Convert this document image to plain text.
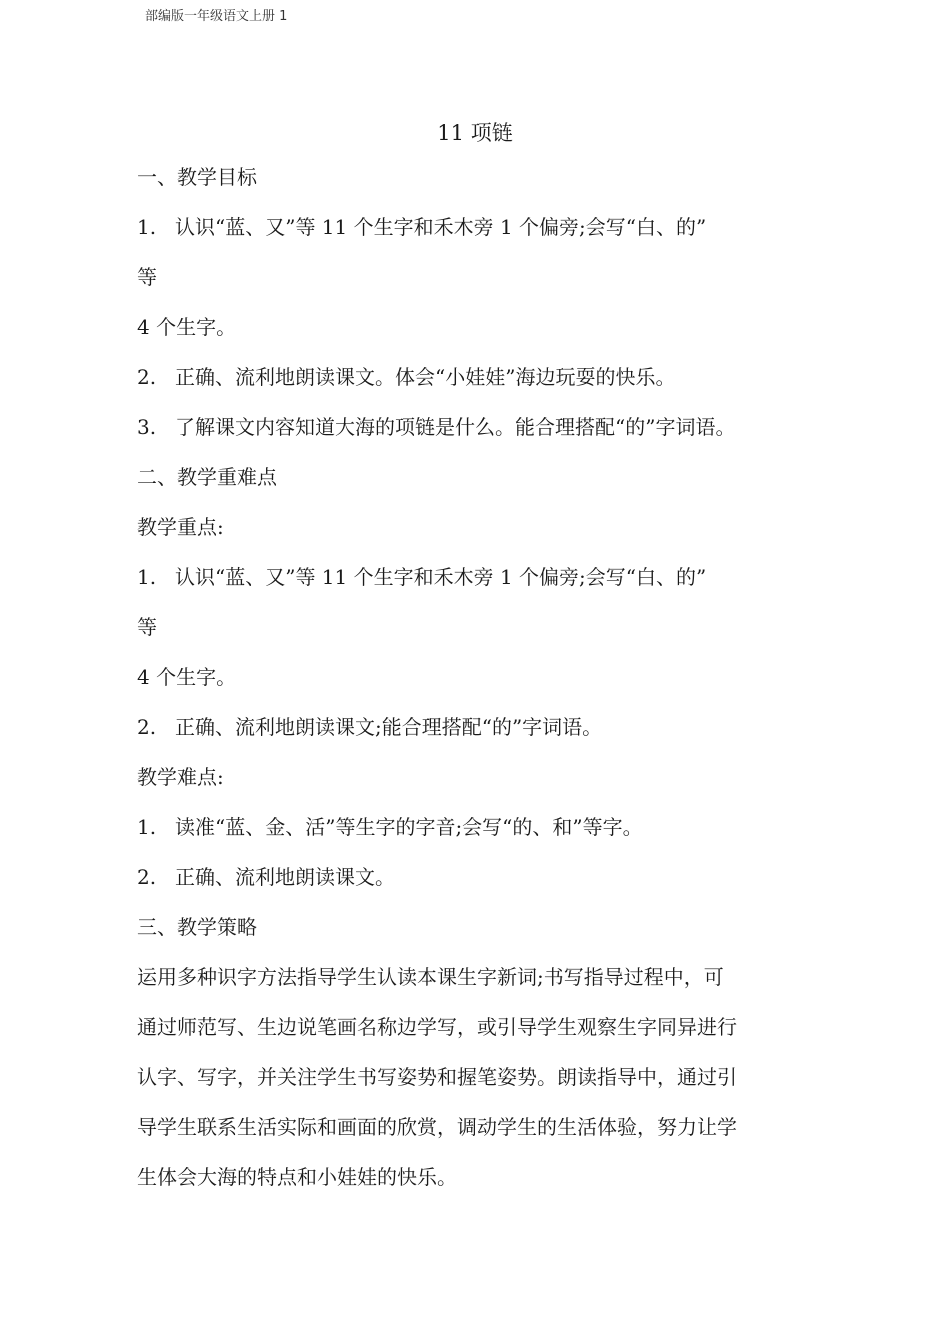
部编版一年级语文上册 1
11 项链
一、教学目标
1. 认识“蓝、又”等 11 个生字和禾木旁 1 个偏旁;会写“白、的”
等
4 个生字。
2. 正确、流利地朗读课文。体会“小娃娃”海边玩耍的快乐。
3. 了解课文内容知道大海的项链是什么。能合理搭配“的”字词语。
二、教学重难点
教学重点:
1. 认识“蓝、又”等 11 个生字和禾木旁 1 个偏旁;会写“白、的”
等
4 个生字。
2. 正确、流利地朗读课文;能合理搭配“的”字词语。
教学难点:
1. 读准“蓝、金、活”等生字的字音;会写“的、和”等字。
2. 正确、流利地朗读课文。
三、教学策略
运用多种识字方法指导学生认读本课生字新词;书写指导过程中，可
通过师范写、生边说笔画名称边学写，或引导学生观察生字同异进行
认字、写字，并关注学生书写姿势和握笔姿势。朗读指导中，通过引
导学生联系生活实际和画面的欣赏，调动学生的生活体验，努力让学
生体会大海的特点和小娃娃的快乐。
